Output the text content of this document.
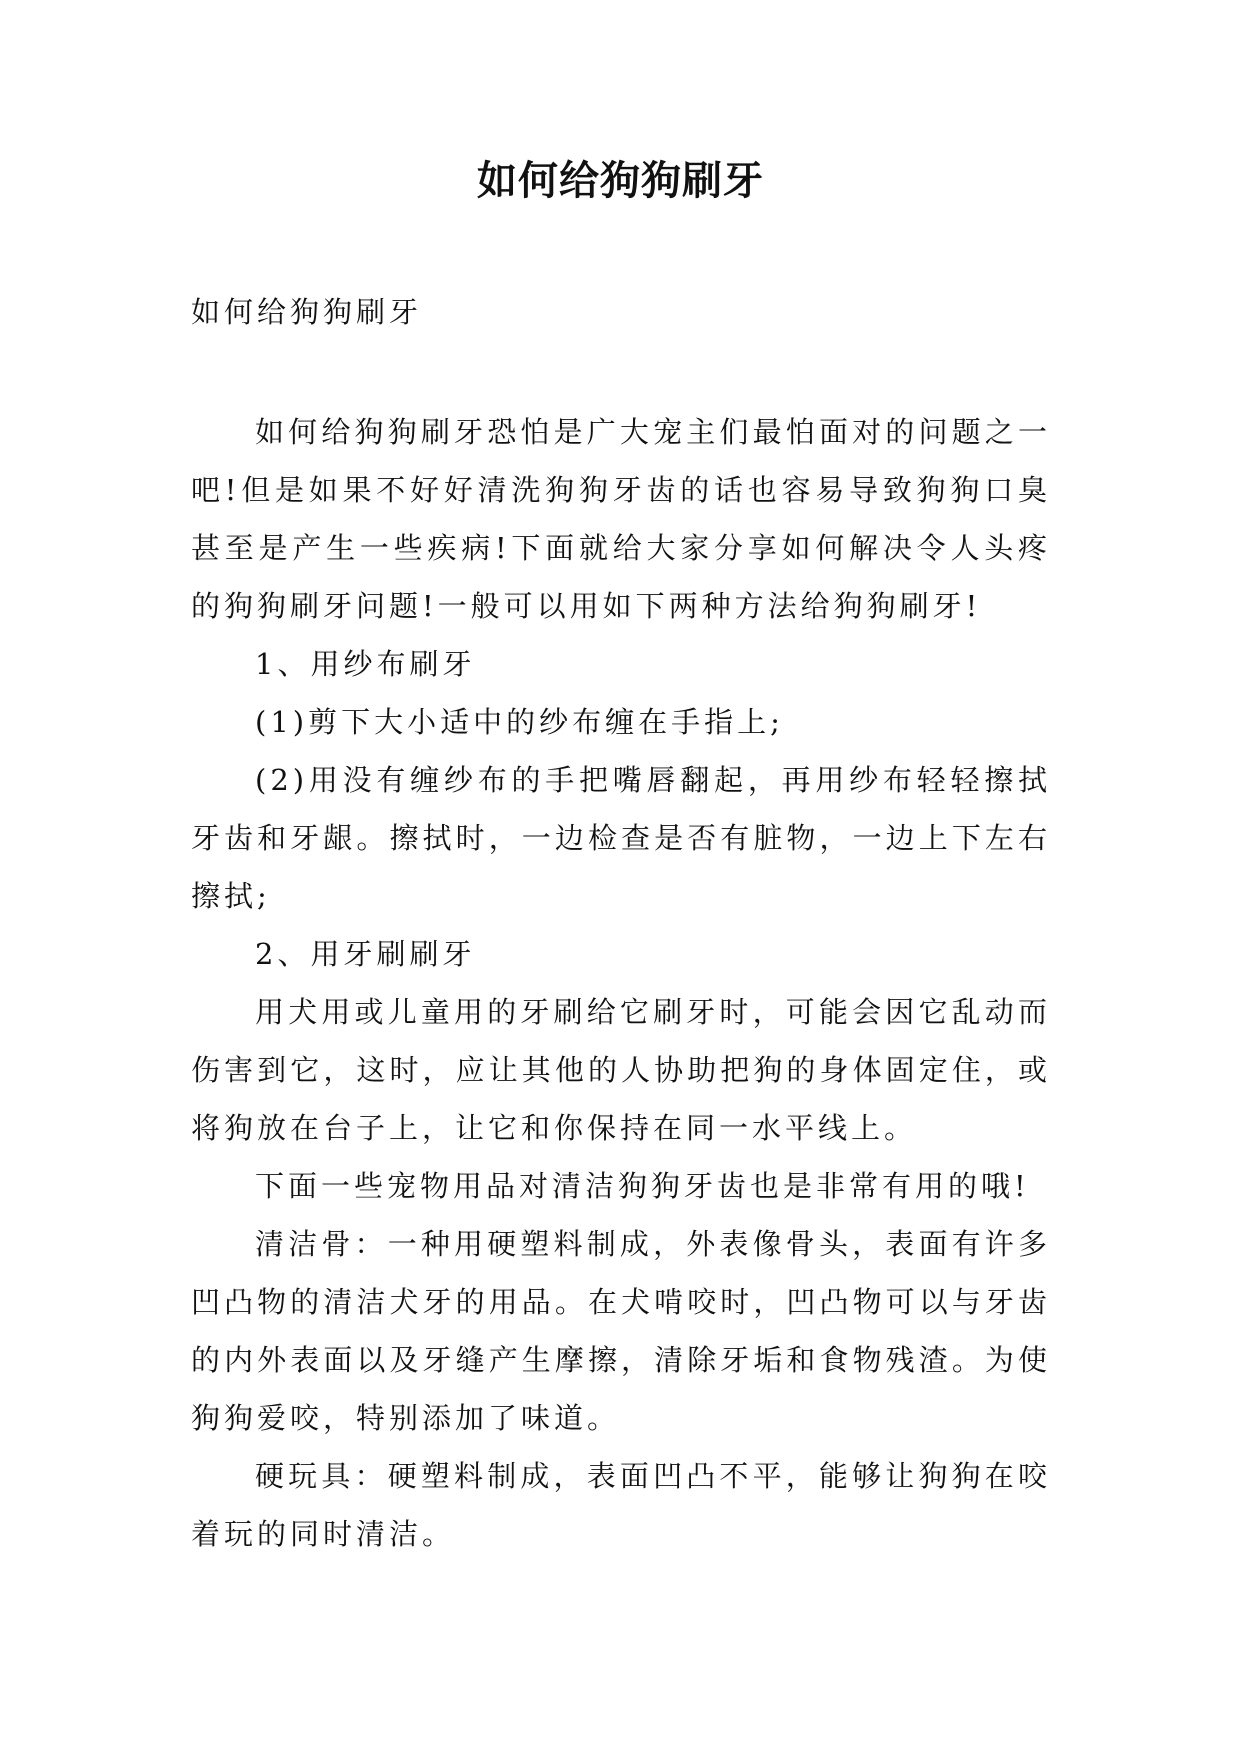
如何给狗狗刷牙

如何给狗狗刷牙

如何给狗狗刷牙恐怕是广大宠主们最怕面对的问题之一吧!但是如果不好好清洗狗狗牙齿的话也容易导致狗狗口臭甚至是产生一些疾病!下面就给大家分享如何解决令人头疼的狗狗刷牙问题!一般可以用如下两种方法给狗狗刷牙!

1、用纱布刷牙

(1)剪下大小适中的纱布缠在手指上;

(2)用没有缠纱布的手把嘴唇翻起，再用纱布轻轻擦拭牙齿和牙龈。擦拭时，一边检查是否有脏物，一边上下左右擦拭;

2、用牙刷刷牙

用犬用或儿童用的牙刷给它刷牙时，可能会因它乱动而伤害到它，这时，应让其他的人协助把狗的身体固定住，或将狗放在台子上，让它和你保持在同一水平线上。

下面一些宠物用品对清洁狗狗牙齿也是非常有用的哦!

清洁骨：一种用硬塑料制成，外表像骨头，表面有许多凹凸物的清洁犬牙的用品。在犬啃咬时，凹凸物可以与牙齿的内外表面以及牙缝产生摩擦，清除牙垢和食物残渣。为使狗狗爱咬，特别添加了味道。

硬玩具：硬塑料制成，表面凹凸不平，能够让狗狗在咬着玩的同时清洁。
